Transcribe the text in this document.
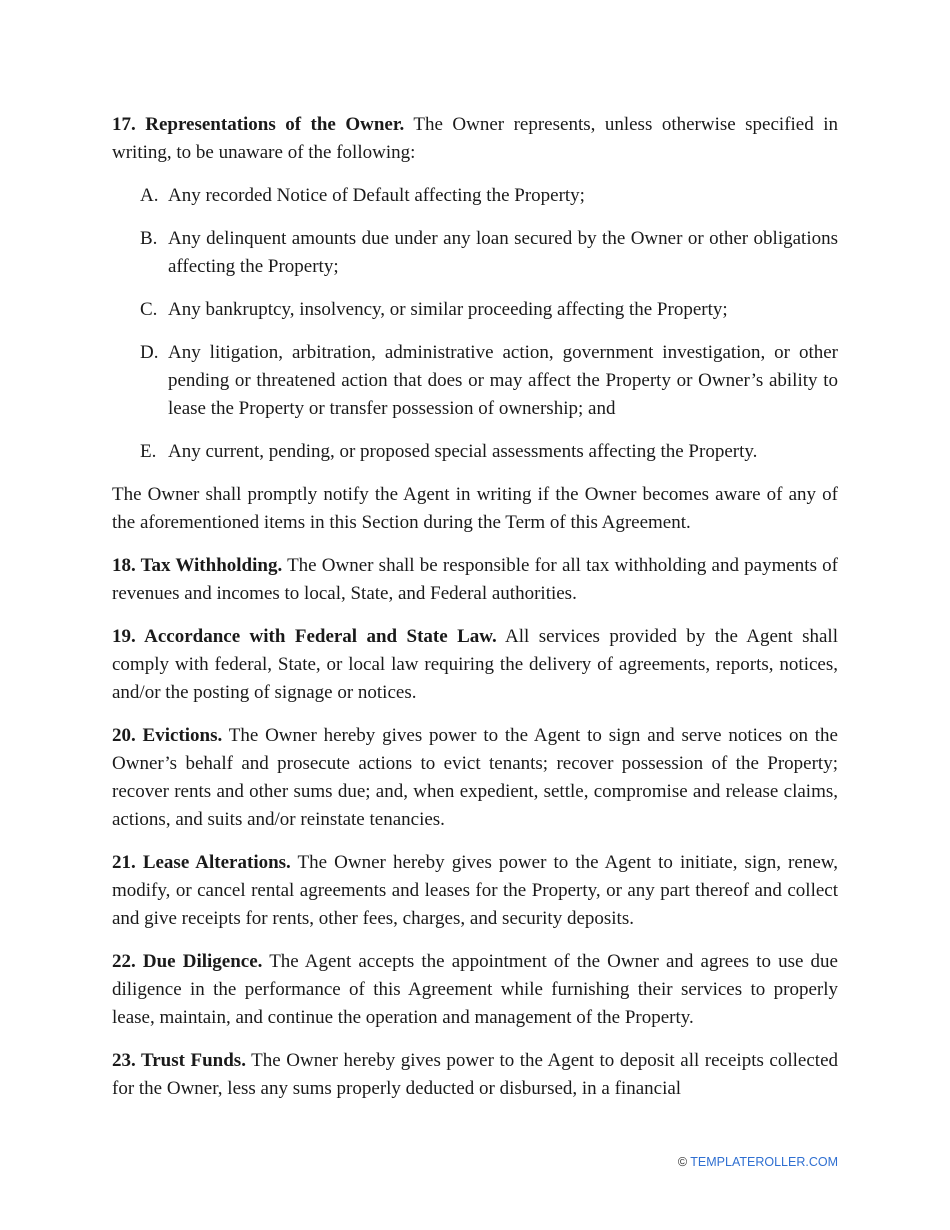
17. Representations of the Owner. The Owner represents, unless otherwise specified in writing, to be unaware of the following:

A. Any recorded Notice of Default affecting the Property;
B. Any delinquent amounts due under any loan secured by the Owner or other obligations affecting the Property;
C. Any bankruptcy, insolvency, or similar proceeding affecting the Property;
D. Any litigation, arbitration, administrative action, government investigation, or other pending or threatened action that does or may affect the Property or Owner’s ability to lease the Property or transfer possession of ownership; and
E. Any current, pending, or proposed special assessments affecting the Property.

The Owner shall promptly notify the Agent in writing if the Owner becomes aware of any of the aforementioned items in this Section during the Term of this Agreement.

18. Tax Withholding. The Owner shall be responsible for all tax withholding and payments of revenues and incomes to local, State, and Federal authorities.

19. Accordance with Federal and State Law. All services provided by the Agent shall comply with federal, State, or local law requiring the delivery of agreements, reports, notices, and/or the posting of signage or notices.

20. Evictions. The Owner hereby gives power to the Agent to sign and serve notices on the Owner’s behalf and prosecute actions to evict tenants; recover possession of the Property; recover rents and other sums due; and, when expedient, settle, compromise and release claims, actions, and suits and/or reinstate tenancies.

21. Lease Alterations. The Owner hereby gives power to the Agent to initiate, sign, renew, modify, or cancel rental agreements and leases for the Property, or any part thereof and collect and give receipts for rents, other fees, charges, and security deposits.

22. Due Diligence. The Agent accepts the appointment of the Owner and agrees to use due diligence in the performance of this Agreement while furnishing their services to properly lease, maintain, and continue the operation and management of the Property.

23. Trust Funds. The Owner hereby gives power to the Agent to deposit all receipts collected for the Owner, less any sums properly deducted or disbursed, in a financial

© TEMPLATEROLLER.COM
